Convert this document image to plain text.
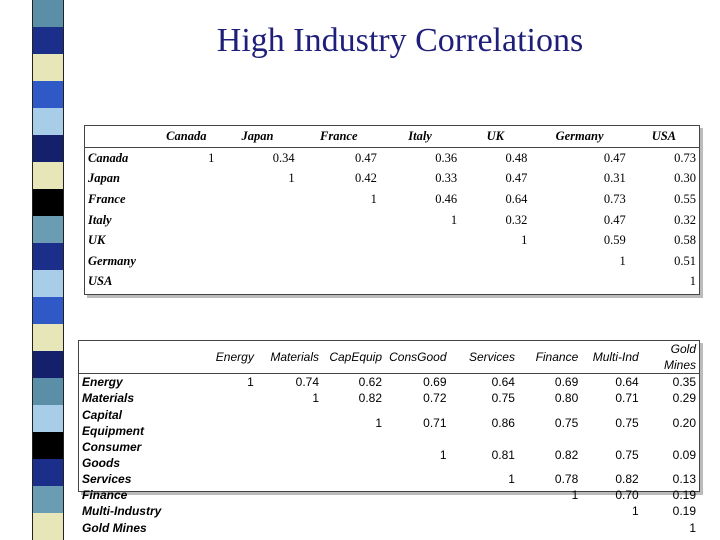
High Industry Correlations
	Canada	Japan	France	Italy	UK	Germany	USA
Canada	1	0.34	0.47	0.36	0.48	0.47	0.73
Japan		1	0.42	0.33	0.47	0.31	0.30
France			1	0.46	0.64	0.73	0.55
Italy				1	0.32	0.47	0.32
UK					1	0.59	0.58
Germany						1	0.51
USA							1
	Energy	Materials	CapEquip	ConsGood	Services	Finance	Multi-Ind	Gold Mines
Energy	1	0.74	0.62	0.69	0.64	0.69	0.64	0.35
Materials		1	0.82	0.72	0.75	0.80	0.71	0.29
Capital Equipment			1	0.71	0.86	0.75	0.75	0.20
Consumer Goods				1	0.81	0.82	0.75	0.09
Services					1	0.78	0.82	0.13
Finance						1	0.70	0.19
Multi-Industry							1	0.19
Gold Mines								1
